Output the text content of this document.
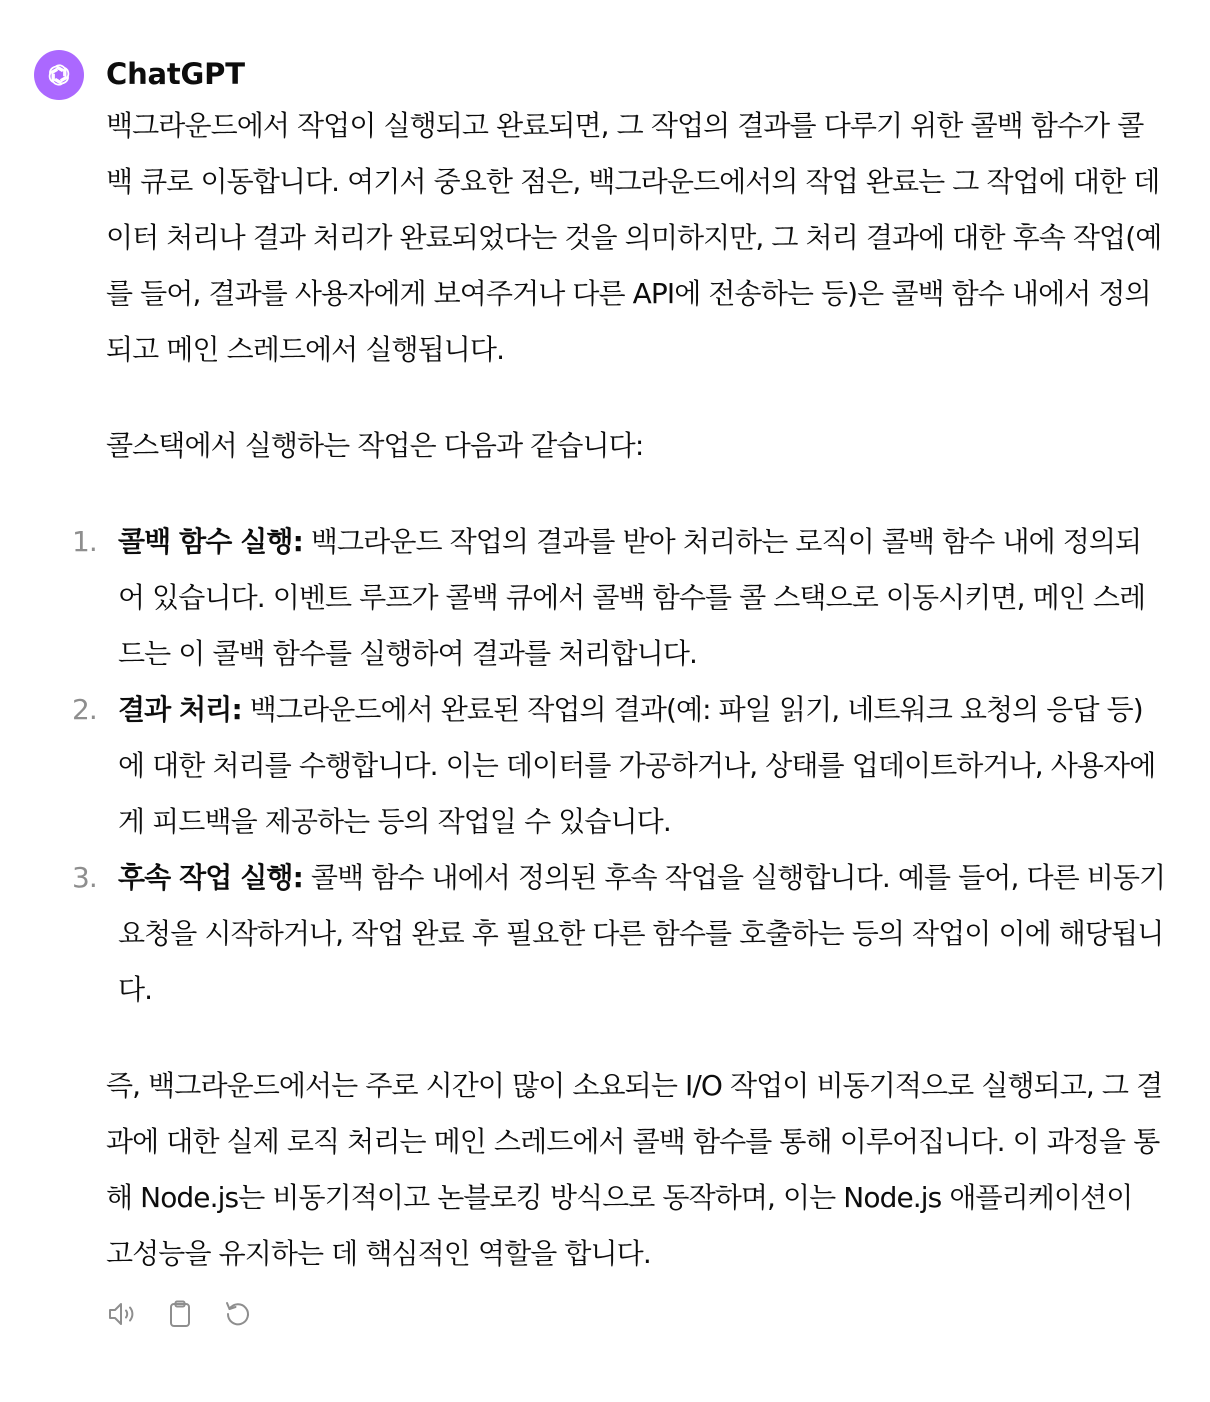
ChatGPT

백그라운드에서 작업이 실행되고 완료되면, 그 작업의 결과를 다루기 위한 콜백 함수가 콜백 큐로 이동합니다. 여기서 중요한 점은, 백그라운드에서의 작업 완료는 그 작업에 대한 데이터 처리나 결과 처리가 완료되었다는 것을 의미하지만, 그 처리 결과에 대한 후속 작업(예를 들어, 결과를 사용자에게 보여주거나 다른 API에 전송하는 등)은 콜백 함수 내에서 정의되고 메인 스레드에서 실행됩니다.

콜스택에서 실행하는 작업은 다음과 같습니다:

1. 콜백 함수 실행: 백그라운드 작업의 결과를 받아 처리하는 로직이 콜백 함수 내에 정의되어 있습니다. 이벤트 루프가 콜백 큐에서 콜백 함수를 콜 스택으로 이동시키면, 메인 스레드는 이 콜백 함수를 실행하여 결과를 처리합니다.
2. 결과 처리: 백그라운드에서 완료된 작업의 결과(예: 파일 읽기, 네트워크 요청의 응답 등)에 대한 처리를 수행합니다. 이는 데이터를 가공하거나, 상태를 업데이트하거나, 사용자에게 피드백을 제공하는 등의 작업일 수 있습니다.
3. 후속 작업 실행: 콜백 함수 내에서 정의된 후속 작업을 실행합니다. 예를 들어, 다른 비동기 요청을 시작하거나, 작업 완료 후 필요한 다른 함수를 호출하는 등의 작업이 이에 해당됩니다.

즉, 백그라운드에서는 주로 시간이 많이 소요되는 I/O 작업이 비동기적으로 실행되고, 그 결과에 대한 실제 로직 처리는 메인 스레드에서 콜백 함수를 통해 이루어집니다. 이 과정을 통해 Node.js는 비동기적이고 논블로킹 방식으로 동작하며, 이는 Node.js 애플리케이션이 고성능을 유지하는 데 핵심적인 역할을 합니다.
